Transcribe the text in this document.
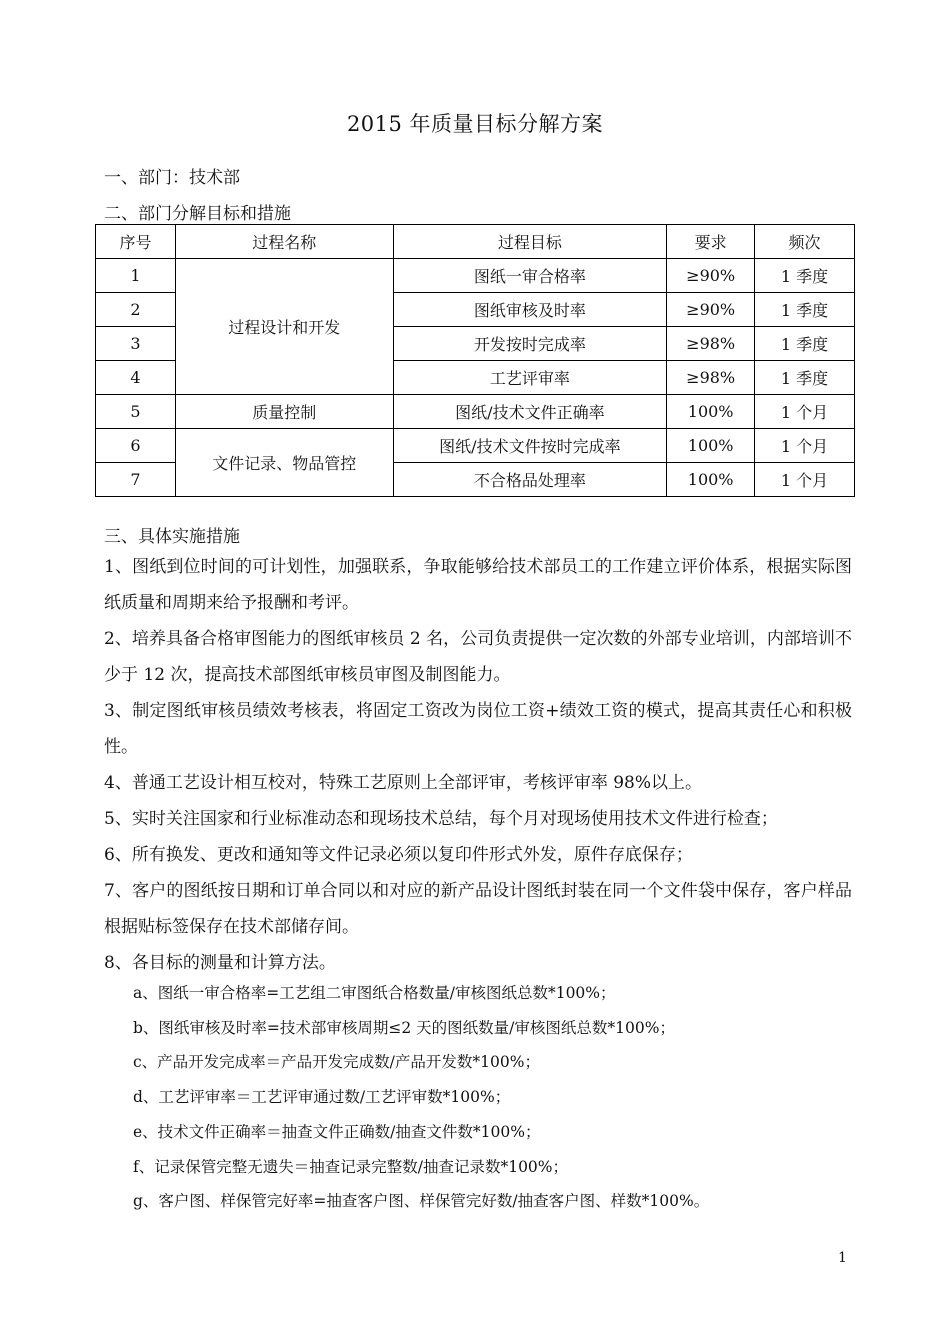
2015 年质量目标分解方案
一、部门：技术部
二、部门分解目标和措施
序号	过程名称	过程目标	要求	频次
1	过程设计和开发	图纸一审合格率	≥90%	1 季度
2		图纸审核及时率	≥90%	1 季度
3		开发按时完成率	≥98%	1 季度
4		工艺评审率	≥98%	1 季度
5	质量控制	图纸/技术文件正确率	100%	1 个月
6	文件记录、物品管控	图纸/技术文件按时完成率	100%	1 个月
7		不合格品处理率	100%	1 个月
三、具体实施措施
1、图纸到位时间的可计划性，加强联系，争取能够给技术部员工的工作建立评价体系，根据实际图纸质量和周期来给予报酬和考评。
2、培养具备合格审图能力的图纸审核员 2 名，公司负责提供一定次数的外部专业培训，内部培训不少于 12 次，提高技术部图纸审核员审图及制图能力。
3、制定图纸审核员绩效考核表，将固定工资改为岗位工资+绩效工资的模式，提高其责任心和积极性。
4、普通工艺设计相互校对，特殊工艺原则上全部评审，考核评审率 98%以上。
5、实时关注国家和行业标准动态和现场技术总结，每个月对现场使用技术文件进行检查；
6、所有换发、更改和通知等文件记录必须以复印件形式外发，原件存底保存；
7、客户的图纸按日期和订单合同以和对应的新产品设计图纸封装在同一个文件袋中保存，客户样品根据贴标签保存在技术部储存间。
8、各目标的测量和计算方法。
a、图纸一审合格率=工艺组二审图纸合格数量/审核图纸总数*100%；
b、图纸审核及时率=技术部审核周期≤2 天的图纸数量/审核图纸总数*100%；
c、产品开发完成率＝产品开发完成数/产品开发数*100%；
d、工艺评审率＝工艺评审通过数/工艺评审数*100%；
e、技术文件正确率＝抽查文件正确数/抽查文件数*100%；
f、记录保管完整无遗失＝抽查记录完整数/抽查记录数*100%；
g、客户图、样保管完好率=抽查客户图、样保管完好数/抽查客户图、样数*100%。
1
